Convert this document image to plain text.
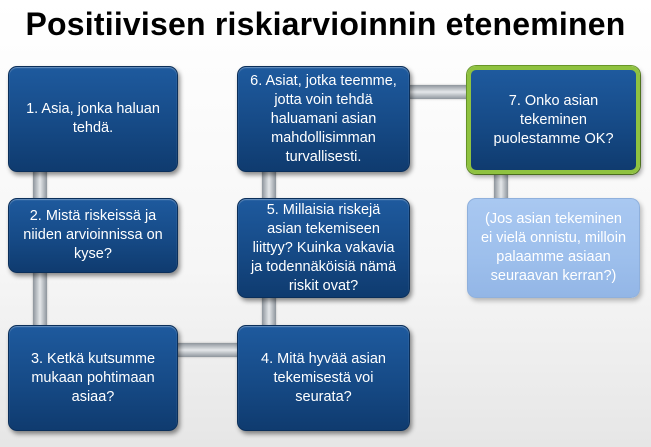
Positiivisen riskiarvioinnin eteneminen
1. Asia, jonka haluan tehdä.
2. Mistä riskeissä ja niiden arvioinnissa on kyse?
3. Ketkä kutsumme mukaan pohtimaan asiaa?
4. Mitä hyvää asian tekemisestä voi seurata?
5. Millaisia riskejä asian tekemiseen liittyy? Kuinka vakavia ja todennäköisiä nämä riskit ovat?
6. Asiat, jotka teemme, jotta voin tehdä haluamani asian mahdollisimman turvallisesti.
7. Onko asian tekeminen puolestamme OK?
(Jos asian tekeminen ei vielä onnistu, milloin palaamme asiaan seuraavan kerran?)
